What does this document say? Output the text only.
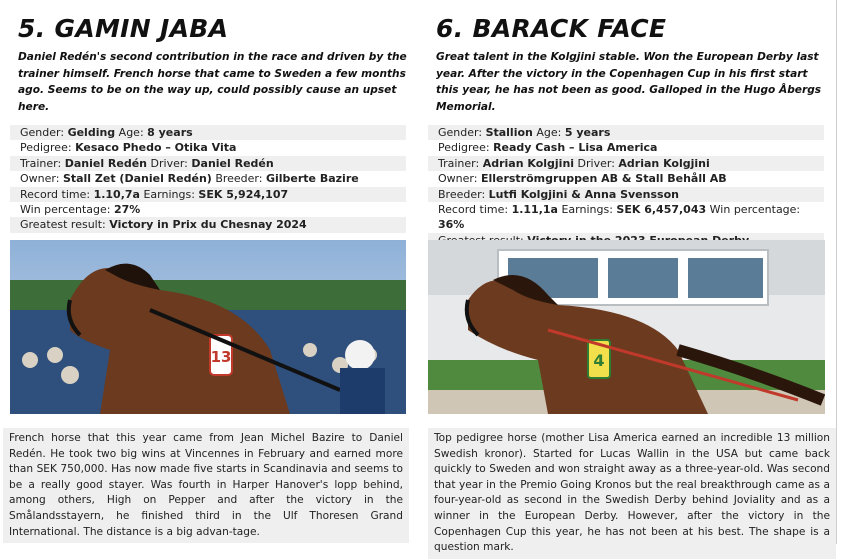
5. GAMIN JABA
Daniel Redén's second contribution in the race and driven by the trainer himself. French horse that came to Sweden a few months ago. Seems to be on the way up, could possibly cause an upset here.
Gender: Gelding Age: 8 years
Pedigree: Kesaco Phedo – Otika Vita
Trainer: Daniel Redén Driver: Daniel Redén
Owner: Stall Zet (Daniel Redén) Breeder: Gilberte Bazire
Record time: 1.10,7a Earnings: SEK 5,924,107
Win percentage: 27%
Greatest result: Victory in Prix du Chesnay 2024
13
French horse that this year came from Jean Michel Bazire to Daniel Redén. He took two big wins at Vincennes in February and earned more than SEK 750,000. Has now made five starts in Scandinavia and seems to be a really good stayer. Was fourth in Harper Hanover's lopp behind, among others, High on Pepper and after the victory in the Smålandsstayern, he finished third in the Ulf Thoresen Grand International. The distance is a big advan-tage.
6. BARACK FACE
Great talent in the Kolgjini stable. Won the European Derby last year. After the victory in the Copenhagen Cup in his first start this year, he has not been as good. Galloped in the Hugo Åbergs Memorial.
Gender: Stallion Age: 5 years
Pedigree: Ready Cash – Lisa America
Trainer: Adrian Kolgjini Driver: Adrian Kolgjini
Owner: Ellerströmgruppen AB & Stall Behåll AB
Breeder: Lutfi Kolgjini & Anna Svensson
Record time: 1.11,1a Earnings: SEK 6,457,043 Win percentage: 36%
4
Top pedigree horse (mother Lisa America earned an incredible 13 million Swedish kronor). Started for Lucas Wallin in the USA but came back quickly to Sweden and won straight away as a three-year-old. Was second that year in the Premio Going Kronos but the real breakthrough came as a four-year-old as second in the Swedish Derby behind Joviality and as a winner in the European Derby. However, after the victory in the Copenhagen Cup this year, he has not been at his best. The shape is a question mark.
